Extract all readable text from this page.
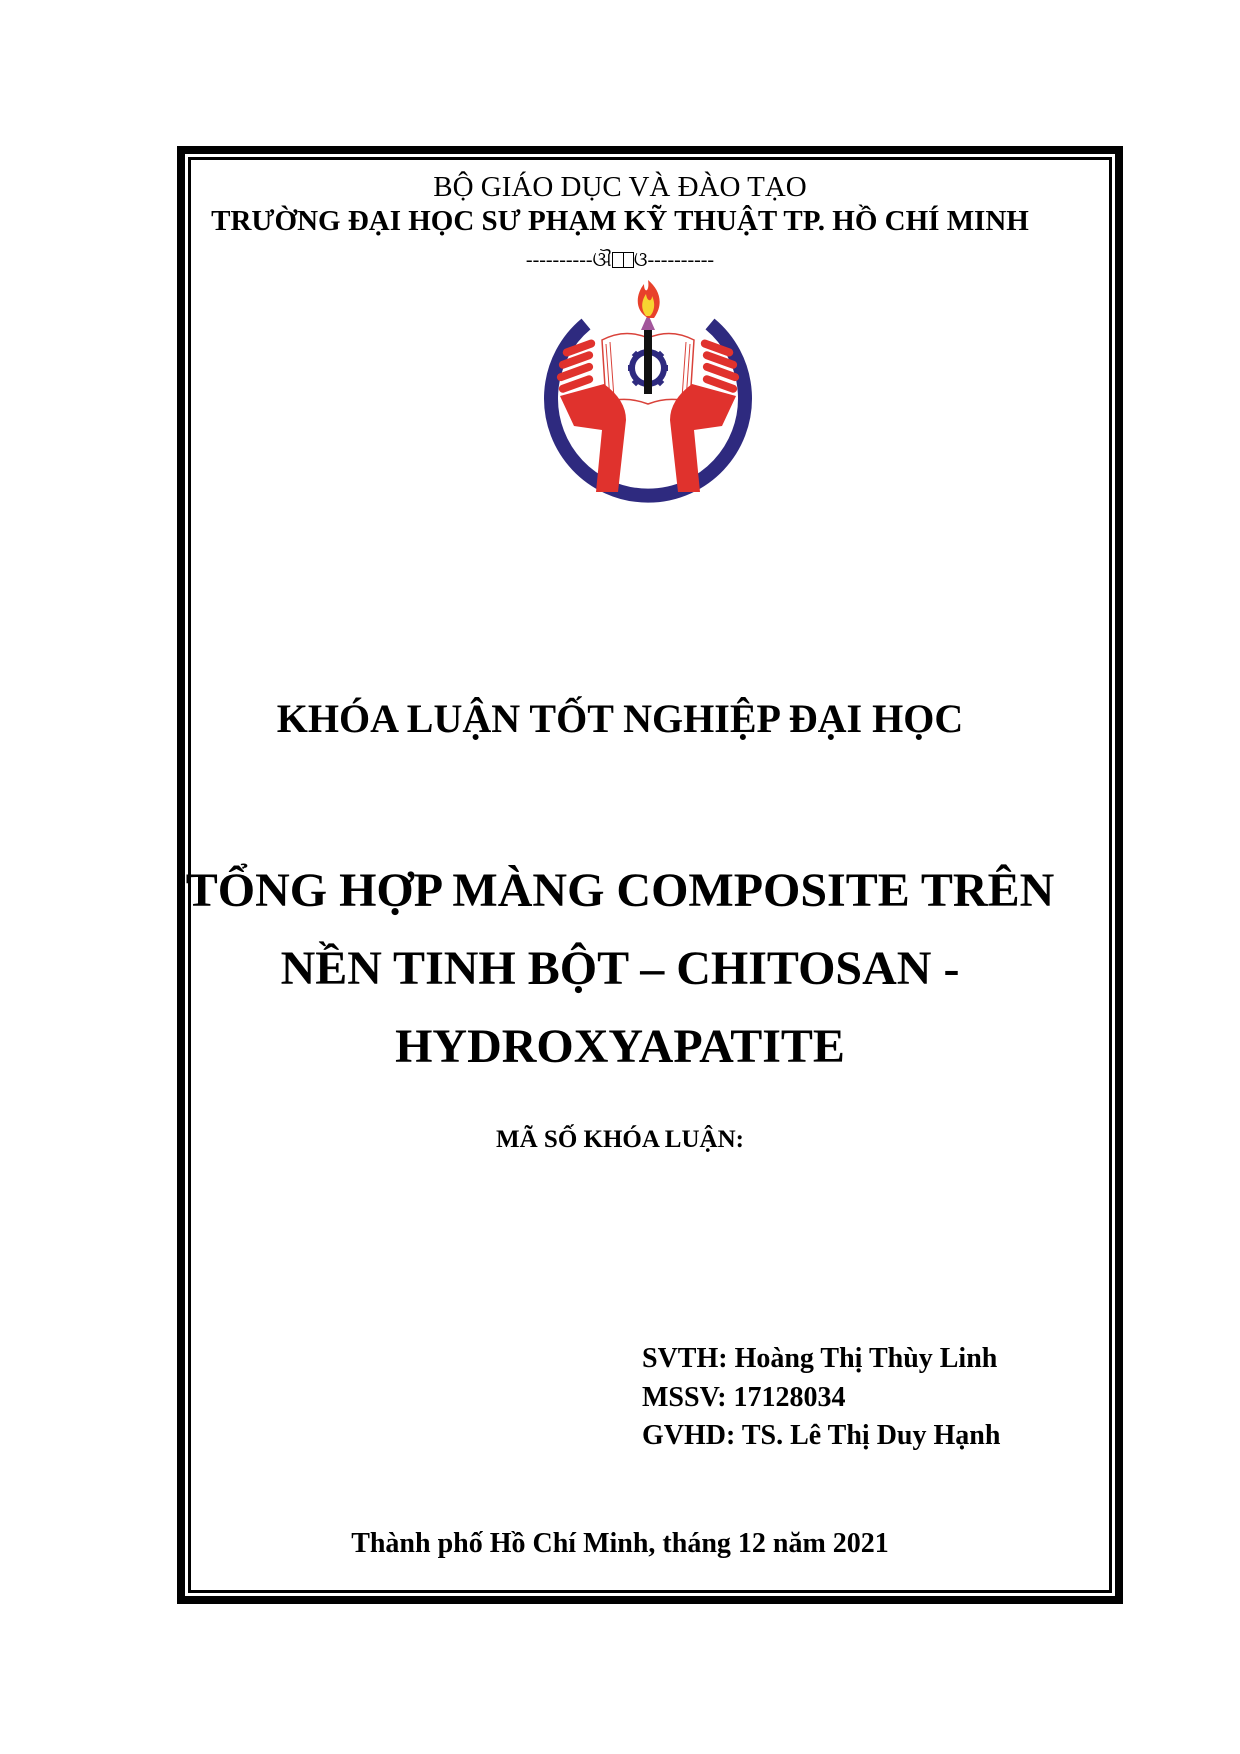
BỘ GIÁO DỤC VÀ ĐÀO TẠO
TRƯỜNG ĐẠI HỌC SƯ PHẠM KỸ THUẬT TP. HỒ CHÍ MINH
----------ଔ ଓ----------
KHÓA LUẬN TỐT NGHIỆP ĐẠI HỌC
TỔNG HỢP MÀNG COMPOSITE TRÊN
NỀN TINH BỘT – CHITOSAN -
HYDROXYAPATITE
MÃ SỐ KHÓA LUẬN:
SVTH: Hoàng Thị Thùy Linh
MSSV: 17128034
GVHD: TS. Lê Thị Duy Hạnh
Thành phố Hồ Chí Minh, tháng 12 năm 2021
